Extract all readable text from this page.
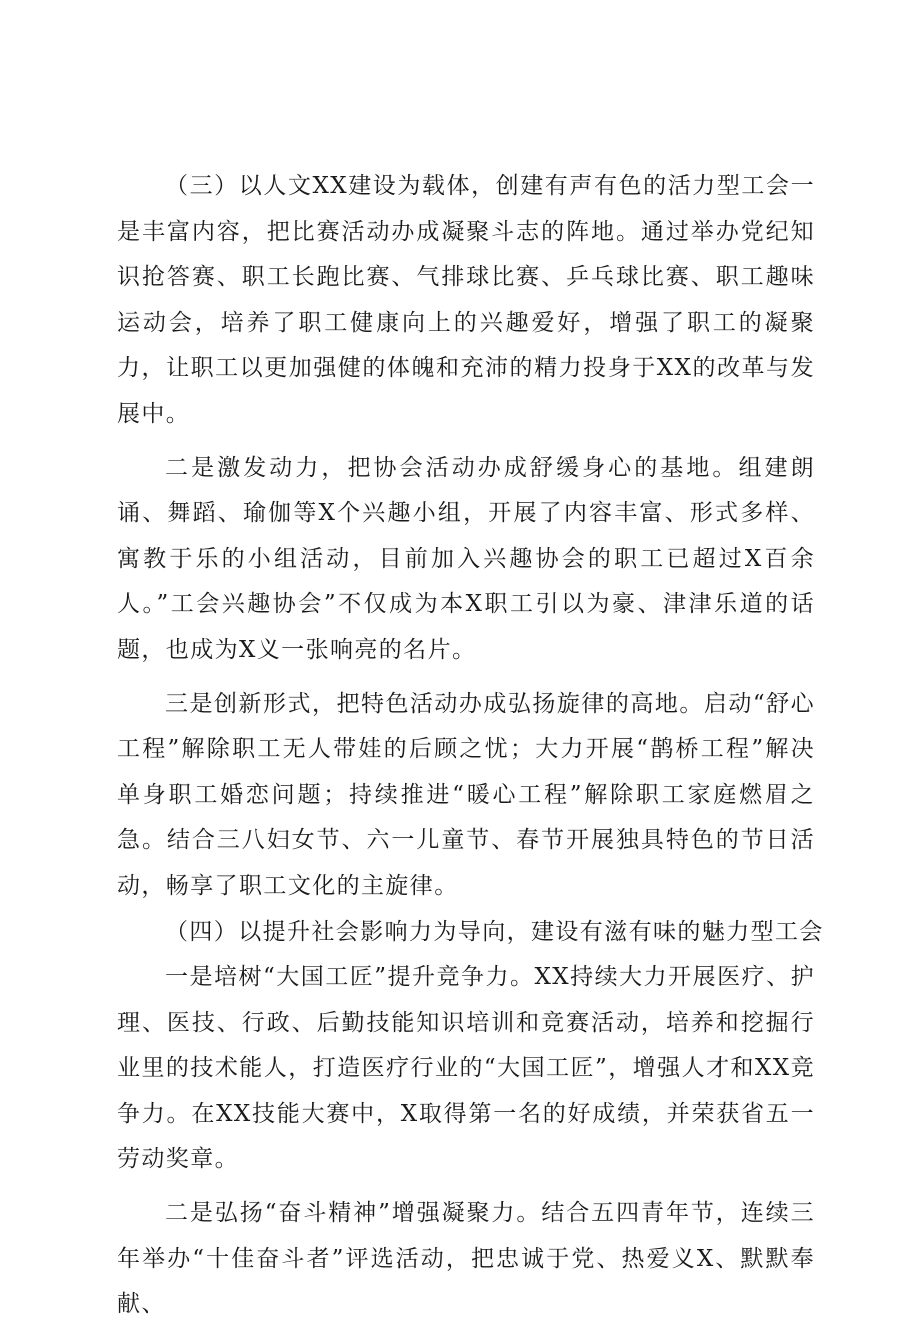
（三）以人文XX建设为载体，创建有声有色的活力型工会一是丰富内容，把比赛活动办成凝聚斗志的阵地。通过举办党纪知识抢答赛、职工长跑比赛、气排球比赛、乒乓球比赛、职工趣味运动会，培养了职工健康向上的兴趣爱好，增强了职工的凝聚力，让职工以更加强健的体魄和充沛的精力投身于XX的改革与发展中。

二是激发动力，把协会活动办成舒缓身心的基地。组建朗诵、舞蹈、瑜伽等X个兴趣小组，开展了内容丰富、形式多样、寓教于乐的小组活动，目前加入兴趣协会的职工已超过X百余人。”工会兴趣协会”不仅成为本X职工引以为豪、津津乐道的话题，也成为X义一张响亮的名片。

三是创新形式，把特色活动办成弘扬旋律的高地。启动“舒心工程”解除职工无人带娃的后顾之忧；大力开展“鹊桥工程”解决单身职工婚恋问题；持续推进“暖心工程”解除职工家庭燃眉之急。结合三八妇女节、六一儿童节、春节开展独具特色的节日活动，畅享了职工文化的主旋律。

（四）以提升社会影响力为导向，建设有滋有味的魅力型工会

一是培树“大国工匠”提升竞争力。XX持续大力开展医疗、护理、医技、行政、后勤技能知识培训和竞赛活动，培养和挖掘行业里的技术能人，打造医疗行业的“大国工匠”，增强人才和XX竞争力。在XX技能大赛中，X取得第一名的好成绩，并荣获省五一劳动奖章。

二是弘扬“奋斗精神”增强凝聚力。结合五四青年节，连续三年举办“十佳奋斗者”评选活动，把忠诚于党、热爱义X、默默奉献、
